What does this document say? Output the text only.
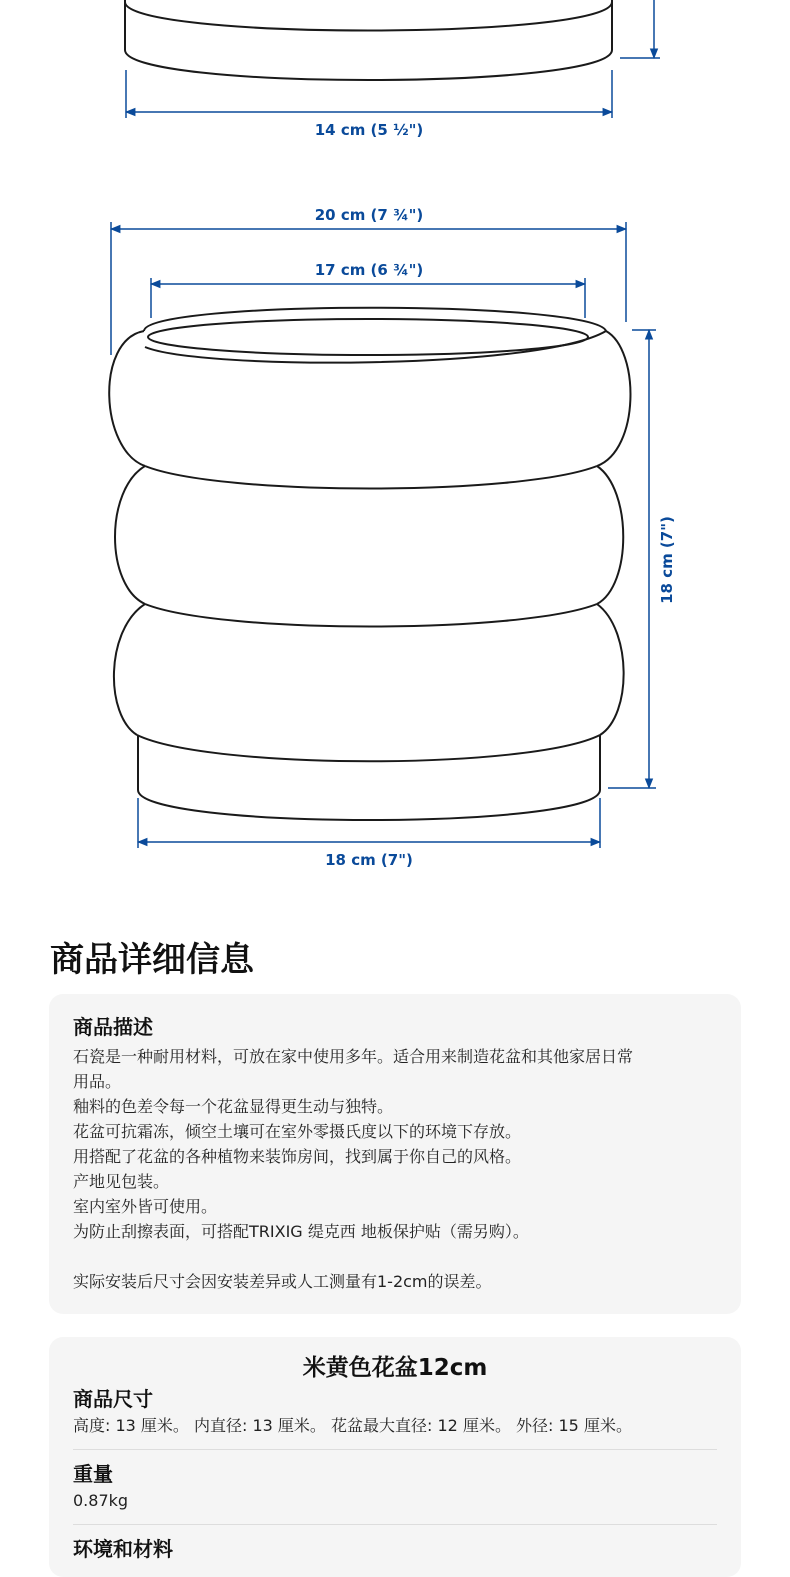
14 cm (5 ½")
20 cm (7 ¾")
17 cm (6 ¾")
18 cm (7")
18 cm (7")
商品详细信息
商品描述

石瓷是一种耐用材料，可放在家中使用多年。适合用来制造花盆和其他家居日常

用品。

釉料的色差令每一个花盆显得更生动与独特。

花盆可抗霜冻，倾空土壤可在室外零摄氏度以下的环境下存放。

用搭配了花盆的各种植物来装饰房间，找到属于你自己的风格。

产地见包装。

室内室外皆可使用。

为防止刮擦表面，可搭配TRIXIG 缇克西 地板保护贴（需另购）。

实际安装后尺寸会因安装差异或人工测量有1-2cm的误差。

米黄色花盆12cm

商品尺寸

高度: 13 厘米。 内直径: 13 厘米。 花盆最大直径: 12 厘米。 外径: 15 厘米。

重量

0.87kg

环境和材料
